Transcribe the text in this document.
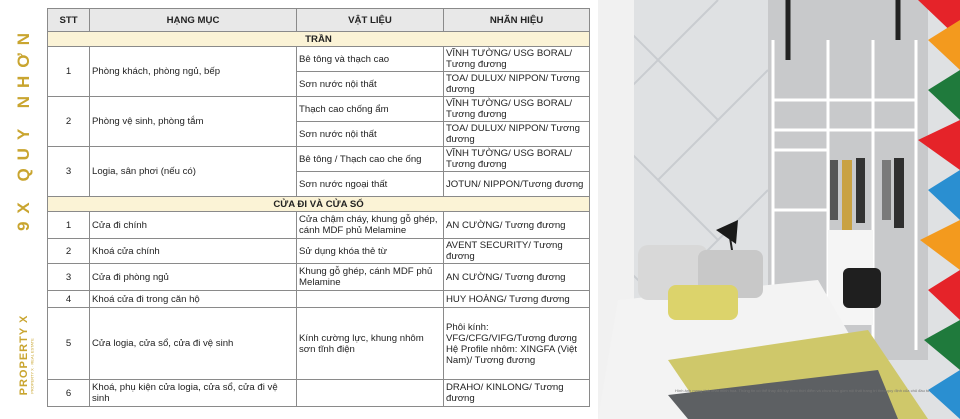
9X QUY NHƠN
PROPERTY X PROPERTY X · REAL ESTATE
STT	HẠNG MỤC	VẬT LIỆU	NHÃN HIỆU
TRẦN			
1	Phòng khách, phòng ngủ, bếp	Bê tông và thạch cao	VĨNH TƯỜNG/ USG BORAL/ Tương đương
		Sơn nước nội thất	TOA/ DULUX/ NIPPON/ Tương đương
2	Phòng vệ sinh, phòng tắm	Thạch cao chống ẩm	VĨNH TƯỜNG/ USG BORAL/ Tương đương
		Sơn nước nội thất	TOA/ DULUX/ NIPPON/ Tương đương
3	Logia, sân phơi (nếu có)	Bê tông / Thạch cao che ống	VĨNH TƯỜNG/ USG BORAL/ Tương đương
		Sơn nước ngoại thất	JOTUN/ NIPPON/Tương đương
CỬA ĐI VÀ CỬA SỔ			
1	Cửa đi chính	Cửa chậm cháy, khung gỗ ghép, cánh MDF phủ Melamine	AN CƯỜNG/ Tương đương
2	Khoá cửa chính	Sử dụng khóa thẻ từ	AVENT SECURITY/ Tương đương
3	Cửa đi phòng ngủ	Khung gỗ ghép, cánh MDF phủ Melamine	AN CƯỜNG/ Tương đương
4	Khoá cửa đi trong căn hộ		HUY HOÀNG/ Tương đương
5	Cửa logia, cửa sổ, cửa đi vệ sinh	Kính cường lực, khung nhôm sơn tĩnh điện	Phôi kính: VFG/CFG/VIFG/Tương đương
Hệ Profile nhôm: XINGFA (Việt Nam)/ Tương đương
6	Khoá, phụ kiện cửa logia, cửa sổ, cửa đi vệ sinh		DRAHO/ KINLONG/ Tương đương
Hình ảnh mang tính chất minh họa. Thông tin có thể thay đổi tùy theo thời điểm và chưa bao gồm nội thất trang trí theo quy định của chủ đầu tư.
